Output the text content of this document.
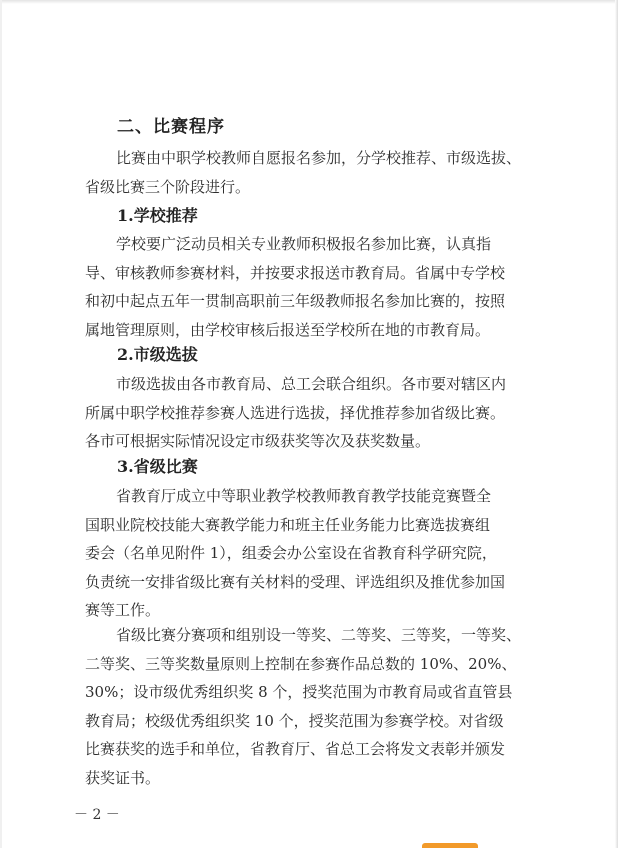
二、比赛程序
比赛由中职学校教师自愿报名参加，分学校推荐、市级选拔、
省级比赛三个阶段进行。
1.学校推荐
学校要广泛动员相关专业教师积极报名参加比赛，认真指
导、审核教师参赛材料，并按要求报送市教育局。省属中专学校
和初中起点五年一贯制高职前三年级教师报名参加比赛的，按照
属地管理原则，由学校审核后报送至学校所在地的市教育局。
2.市级选拔
市级选拔由各市教育局、总工会联合组织。各市要对辖区内
所属中职学校推荐参赛人选进行选拔，择优推荐参加省级比赛。
各市可根据实际情况设定市级获奖等次及获奖数量。
3.省级比赛
省教育厅成立中等职业教学校教师教育教学技能竞赛暨全
国职业院校技能大赛教学能力和班主任业务能力比赛选拔赛组
委会（名单见附件 1），组委会办公室设在省教育科学研究院，
负责统一安排省级比赛有关材料的受理、评选组织及推优参加国
赛等工作。
省级比赛分赛项和组别设一等奖、二等奖、三等奖，一等奖、
二等奖、三等奖数量原则上控制在参赛作品总数的 10%、20%、
30%；设市级优秀组织奖 8 个，授奖范围为市教育局或省直管县
教育局；校级优秀组织奖 10 个，授奖范围为参赛学校。对省级
比赛获奖的选手和单位，省教育厅、省总工会将发文表彰并颁发
获奖证书。
－ 2 －
